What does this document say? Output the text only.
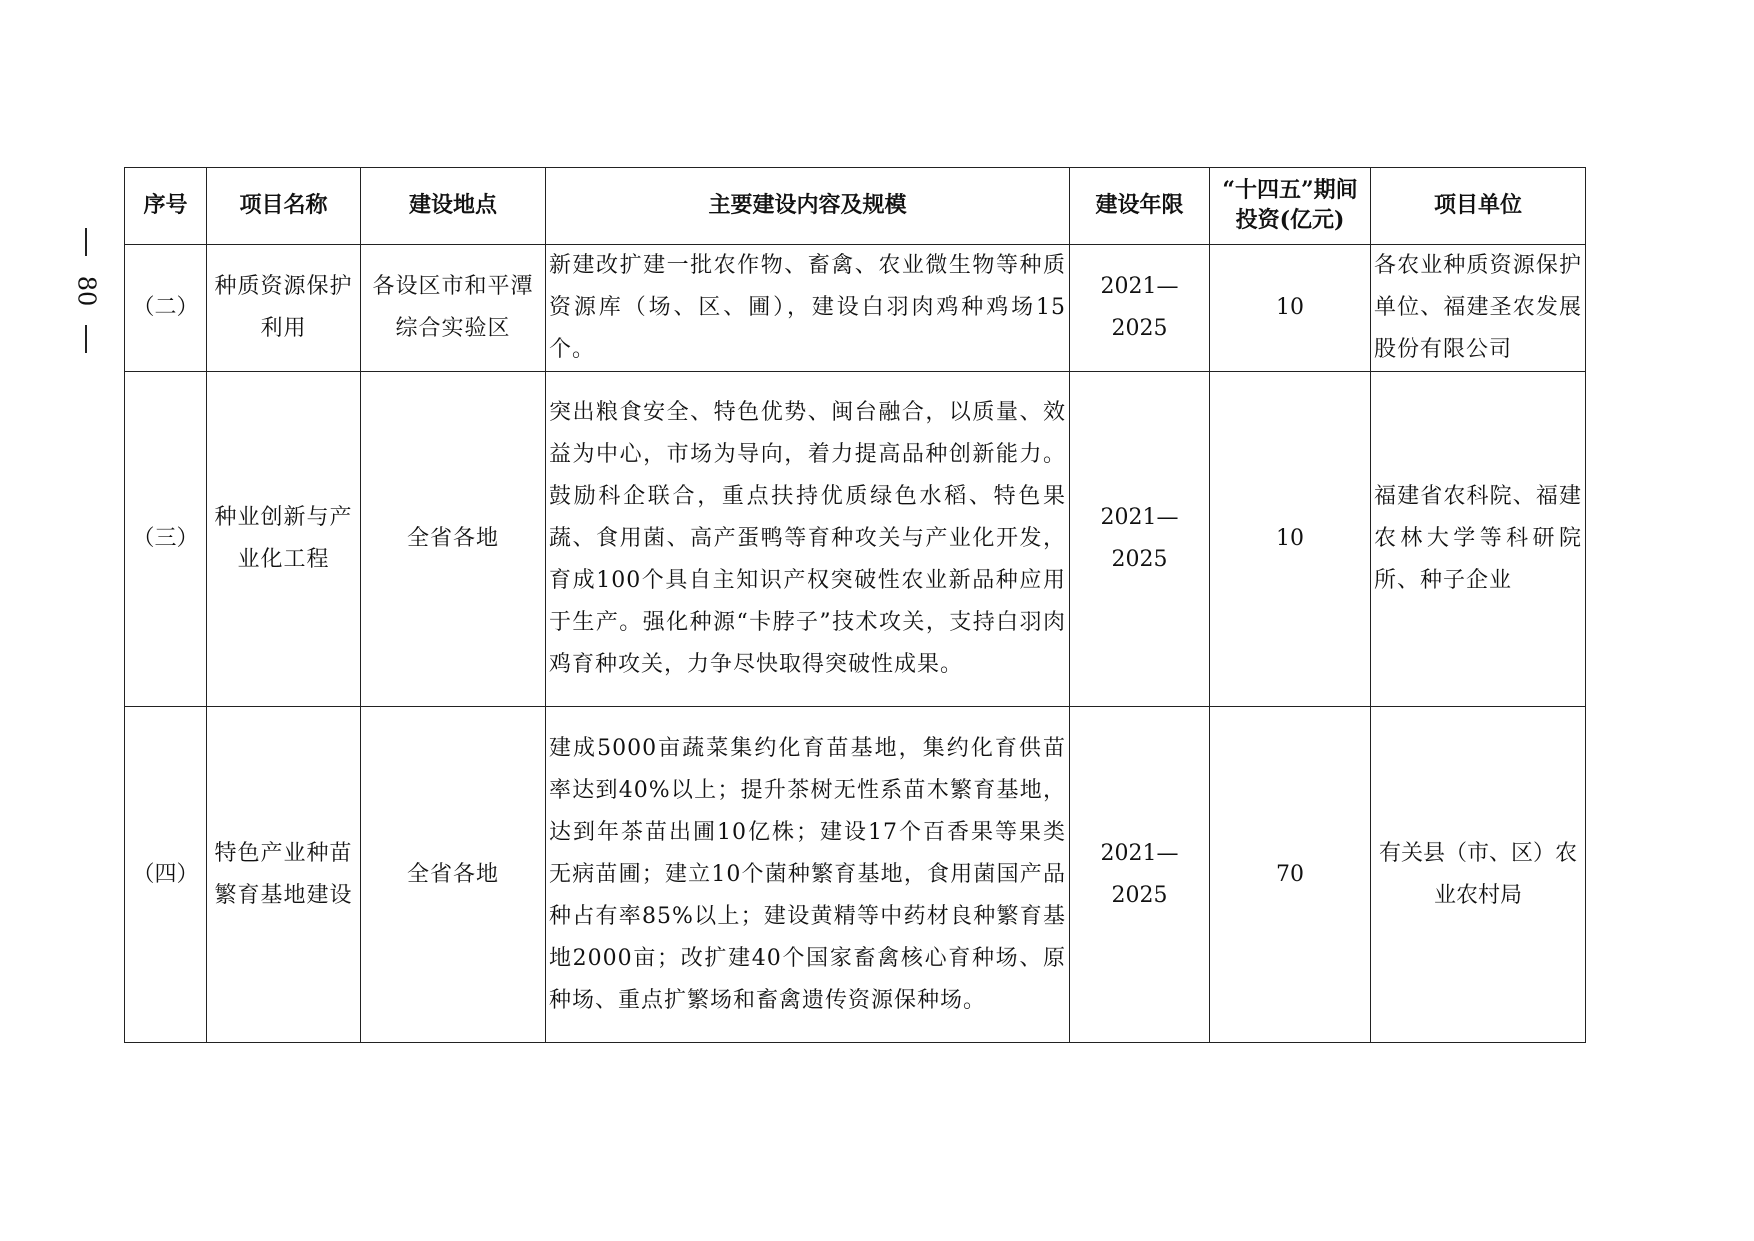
80
序号	项目名称	建设地点	主要建设内容及规模	建设年限	“十四五”期间投资(亿元)	项目单位
（二）	种质资源保护利用	各设区市和平潭综合实验区	新建改扩建一批农作物、畜禽、农业微生物等种质资源库（场、区、圃），建设白羽肉鸡种鸡场15个。	2021—2025	10	各农业种质资源保护单位、福建圣农发展股份有限公司
（三）	种业创新与产业化工程	全省各地	突出粮食安全、特色优势、闽台融合，以质量、效益为中心，市场为导向，着力提高品种创新能力。鼓励科企联合，重点扶持优质绿色水稻、特色果蔬、食用菌、高产蛋鸭等育种攻关与产业化开发，育成100个具自主知识产权突破性农业新品种应用于生产。强化种源“卡脖子”技术攻关，支持白羽肉鸡育种攻关，力争尽快取得突破性成果。	2021—2025	10	福建省农科院、福建农林大学等科研院所、种子企业
（四）	特色产业种苗繁育基地建设	全省各地	建成5000亩蔬菜集约化育苗基地，集约化育供苗率达到40%以上；提升茶树无性系苗木繁育基地，达到年茶苗出圃10亿株；建设17个百香果等果类无病苗圃；建立10个菌种繁育基地，食用菌国产品种占有率85%以上；建设黄精等中药材良种繁育基地2000亩；改扩建40个国家畜禽核心育种场、原种场、重点扩繁场和畜禽遗传资源保种场。	2021—2025	70	有关县（市、区）农业农村局
